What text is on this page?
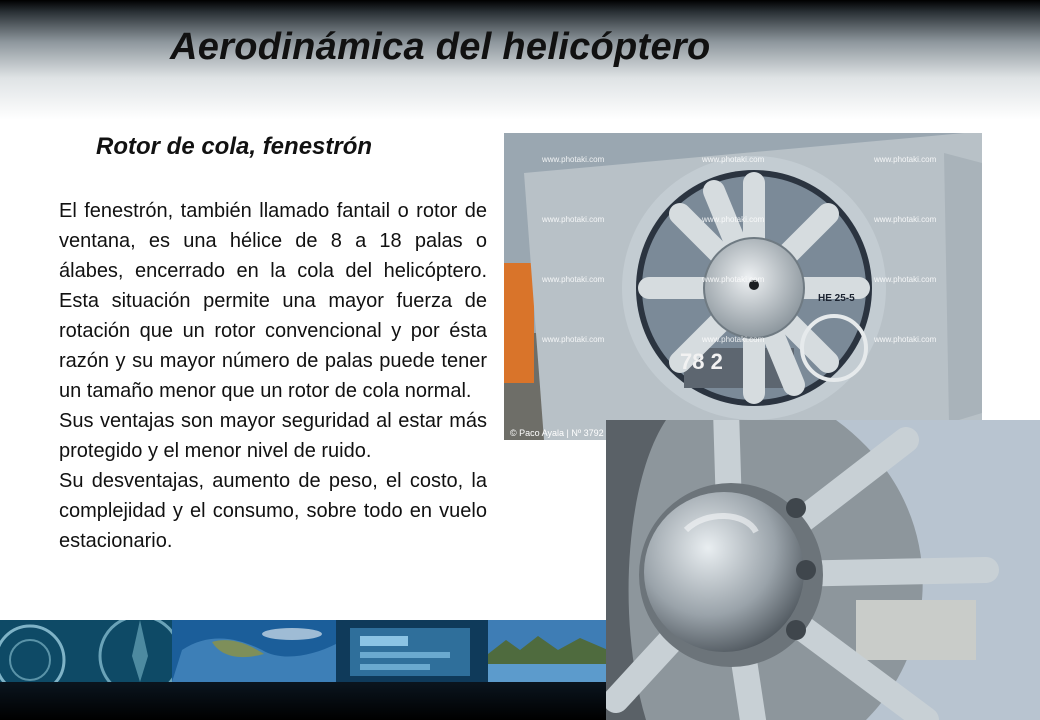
Aerodinámica del helicóptero
Rotor de cola, fenestrón

El fenestrón, también llamado fantail o rotor de ventana, es una hélice de 8 a 18 palas o álabes, encerrado en la cola del helicóptero. Esta situación permite una mayor fuerza de rotación que un rotor convencional y por ésta razón y su mayor número de palas puede tener un tamaño menor que un rotor de cola normal.

Sus ventajas son mayor seguridad al estar más protegido y el menor nivel de ruido.

Su desventajas, aumento de peso, el costo, la complejidad y el consumo, sobre todo en vuelo estacionario.

HE 25-5
78 2
www.photaki.com	www.photaki.com	www.photaki.com
www.photaki.com	www.photaki.com	www.photaki.com
www.photaki.com	www.photaki.com	www.photaki.com
www.photaki.com	www.photaki.com	www.photaki.com
© Paco Ayala | Nº 3792
